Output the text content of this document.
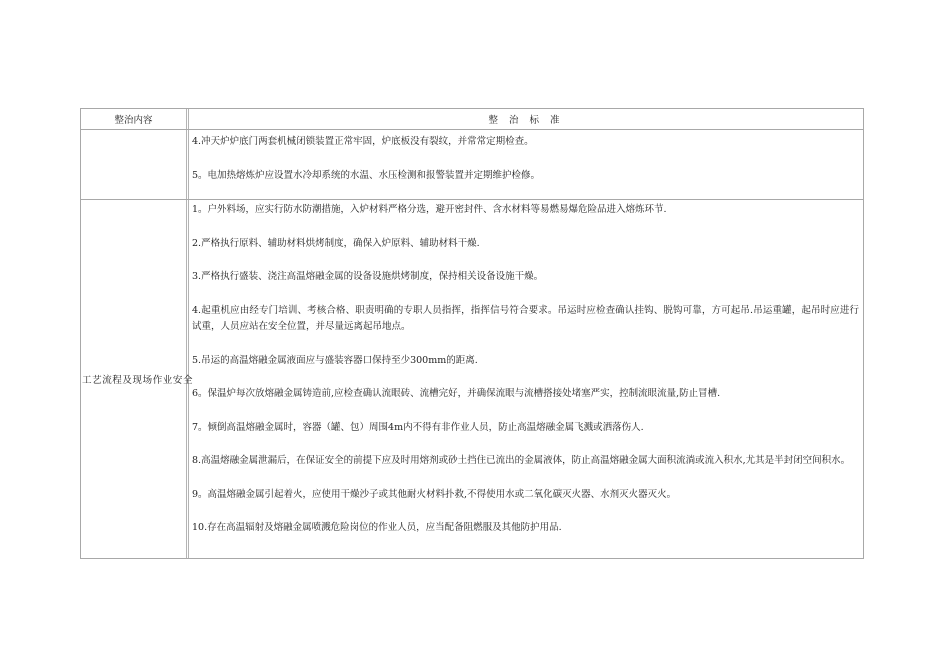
整治内容	整 治 标 准
4.冲天炉炉底门两套机械闭锁装置正常牢固，炉底板没有裂纹，并常常定期检查。
5。电加热熔炼炉应设置水冷却系统的水温、水压检测和报警装置并定期维护检修。
工艺流程及现场作业安全
1。户外料场，应实行防水防潮措施，入炉材料严格分选，避开密封件、含水材料等易燃易爆危险品进入熔炼环节.
2.严格执行原料、辅助材料烘烤制度，确保入炉原料、辅助材料干燥.
3.严格执行盛装、浇注高温熔融金属的设备设施烘烤制度，保持相关设备设施干燥。
4.起重机应由经专门培训、考核合格、职责明确的专职人员指挥，指挥信号符合要求。吊运时应检查确认挂钩、脱钩可靠，方可起吊.吊运重罐，起吊时应进行试重，人员应站在安全位置，并尽量远离起吊地点。
5.吊运的高温熔融金属液面应与盛装容器口保持至少300mm的距离.
6。保温炉每次放熔融金属铸造前,应检查确认流眼砖、流槽完好，并确保流眼与流槽搭接处堵塞严实，控制流眼流量,防止冒槽.
7。倾倒高温熔融金属时，容器（罐、包）周围4m内不得有非作业人员，防止高温熔融金属飞溅或洒落伤人.
8.高温熔融金属泄漏后，在保证安全的前提下应及时用熔剂或砂土挡住已流出的金属液体，防止高温熔融金属大面积流淌或流入积水,尤其是半封闭空间积水。
9。高温熔融金属引起着火，应使用干燥沙子或其他耐火材料扑救,不得使用水或二氧化碳灭火器、水剂灭火器灭火。
10.存在高温辐射及熔融金属喷溅危险岗位的作业人员，应当配备阻燃服及其他防护用品.
